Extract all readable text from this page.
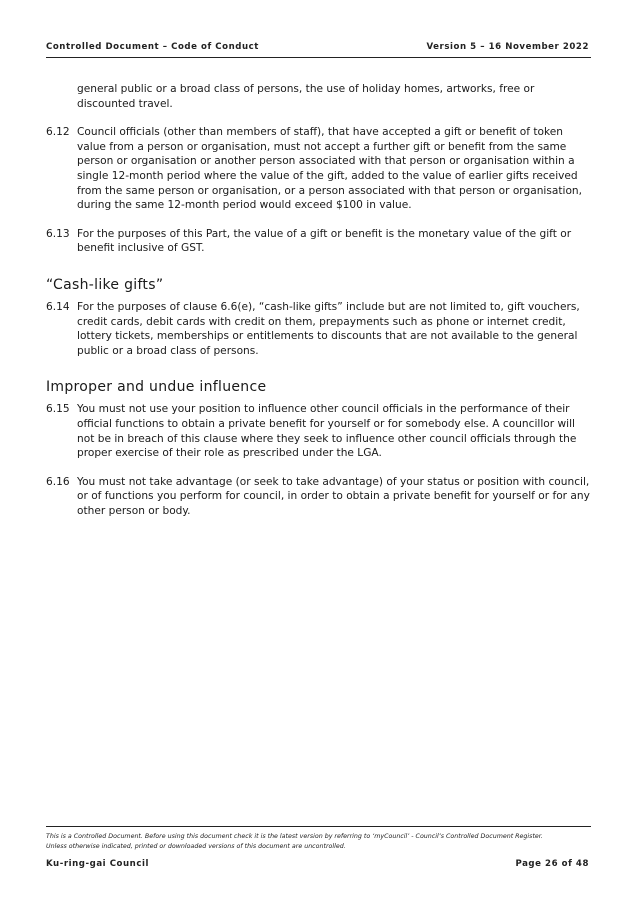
Controlled Document – Code of Conduct	Version 5 – 16 November 2022

general public or a broad class of persons, the use of holiday homes, artworks, free or discounted travel.

6.12 Council officials (other than members of staff), that have accepted a gift or benefit of token value from a person or organisation, must not accept a further gift or benefit from the same person or organisation or another person associated with that person or organisation within a single 12-month period where the value of the gift, added to the value of earlier gifts received from the same person or organisation, or a person associated with that person or organisation, during the same 12-month period would exceed $100 in value.
6.13 For the purposes of this Part, the value of a gift or benefit is the monetary value of the gift or benefit inclusive of GST.
“Cash-like gifts”
6.14 For the purposes of clause 6.6(e), “cash-like gifts” include but are not limited to, gift vouchers, credit cards, debit cards with credit on them, prepayments such as phone or internet credit, lottery tickets, memberships or entitlements to discounts that are not available to the general public or a broad class of persons.
Improper and undue influence
6.15 You must not use your position to influence other council officials in the performance of their official functions to obtain a private benefit for yourself or for somebody else. A councillor will not be in breach of this clause where they seek to influence other council officials through the proper exercise of their role as prescribed under the LGA.
6.16 You must not take advantage (or seek to take advantage) of your status or position with council, or of functions you perform for council, in order to obtain a private benefit for yourself or for any other person or body.
This is a Controlled Document. Before using this document check it is the latest version by referring to ‘myCouncil’ - Council’s Controlled Document Register.
Unless otherwise indicated, printed or downloaded versions of this document are uncontrolled.
Ku-ring-gai Council	Page 26 of 48
